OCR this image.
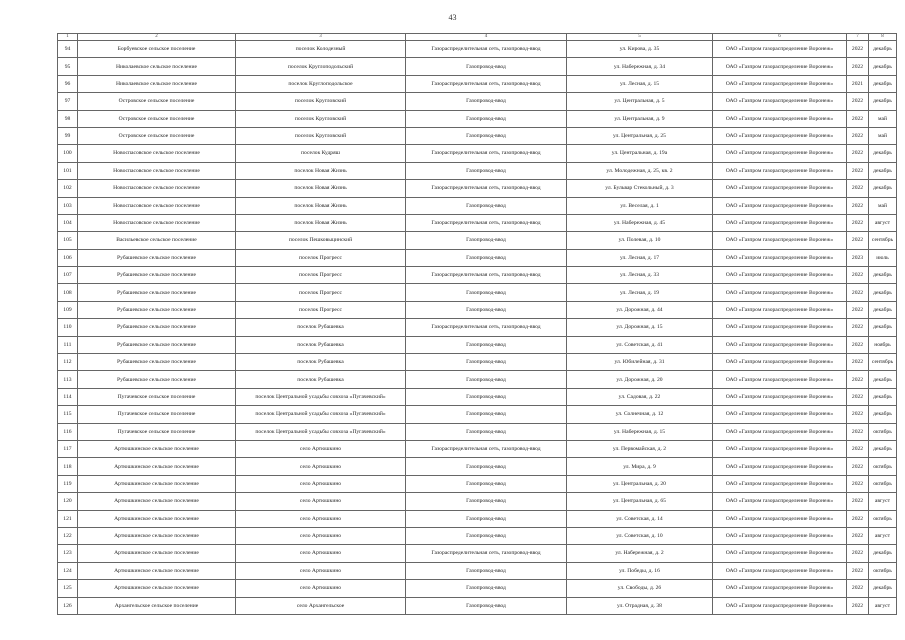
43
1	2	3	4	5	6	7	8
94	Борбуевское сельское поселение	поселок Колодезный	Газораспределительная сеть, газопровод-ввод	ул. Кирова, д. 35	ОАО «Газпром газораспределение Воронеж»	2022	декабрь
95	Николаевское сельское поселение	поселок Круглоподольский	Газопровод-ввод	ул. Набережная, д. 34	ОАО «Газпром газораспределение Воронеж»	2022	декабрь
96	Николаевское сельское поселение	поселок Круглоподольское	Газораспределительная сеть, газопровод-ввод	ул. Лесная, д. 15	ОАО «Газпром газораспределение Воронеж»	2021	декабрь
97	Островское сельское поселение	поселок Кругловский	Газопровод-ввод	ул. Центральная, д. 5	ОАО «Газпром газораспределение Воронеж»	2022	декабрь
98	Островское сельское поселение	поселок Кругловский	Газопровод-ввод	ул. Центральная, д. 9	ОАО «Газпром газораспределение Воронеж»	2022	май
99	Островское сельское поселение	поселок Кругловский	Газопровод-ввод	ул. Центральная, д. 25	ОАО «Газпром газораспределение Воронеж»	2022	май
100	Новоспасовское сельское поселение	поселок Кудряш	Газораспределительная сеть, газопровод-ввод	ул. Центральная, д. 19а	ОАО «Газпром газораспределение Воронеж»	2022	декабрь
101	Новоспасовское сельское поселение	поселок Новая Жизнь	Газопровод-ввод	ул. Молодежная, д. 25, кв. 2	ОАО «Газпром газораспределение Воронеж»	2022	декабрь
102	Новоспасовское сельское поселение	поселок Новая Жизнь	Газораспределительная сеть, газопровод-ввод	ул. Бульвар Стекольный, д. 3	ОАО «Газпром газораспределение Воронеж»	2022	декабрь
103	Новоспасовское сельское поселение	поселок Новая Жизнь	Газопровод-ввод	ул. Веселая, д. 1	ОАО «Газпром газораспределение Воронеж»	2022	май
104	Новоспасовское сельское поселение	поселок Новая Жизнь	Газораспределительная сеть, газопровод-ввод	ул. Набережная, д. 45	ОАО «Газпром газораспределение Воронеж»	2022	август
105	Васильевское сельское поселение	поселок Пешковыцинский	Газопровод-ввод	ул. Полевая, д. 10	ОАО «Газпром газораспределение Воронеж»	2022	сентябрь
106	Рубашевское сельское поселение	поселок Прогресс	Газопровод-ввод	ул. Лесная, д. 17	ОАО «Газпром газораспределение Воронеж»	2023	июль
107	Рубашевское сельское поселение	поселок Прогресс	Газораспределительная сеть, газопровод-ввод	ул. Лесная, д. 33	ОАО «Газпром газораспределение Воронеж»	2022	декабрь
108	Рубашевское сельское поселение	поселок Прогресс	Газопровод-ввод	ул. Лесная, д. 19	ОАО «Газпром газораспределение Воронеж»	2022	декабрь
109	Рубашевское сельское поселение	поселок Прогресс	Газопровод-ввод	ул. Дорожная, д. 44	ОАО «Газпром газораспределение Воронеж»	2022	декабрь
110	Рубашевское сельское поселение	поселок Рубашевка	Газораспределительная сеть, газопровод-ввод	ул. Дорожная, д. 15	ОАО «Газпром газораспределение Воронеж»	2022	декабрь
111	Рубашевское сельское поселение	поселок Рубашевка	Газопровод-ввод	ул. Советская, д. 41	ОАО «Газпром газораспределение Воронеж»	2022	ноябрь
112	Рубашевское сельское поселение	поселок Рубашевка	Газопровод-ввод	ул. Юбилейная, д. 31	ОАО «Газпром газораспределение Воронеж»	2022	сентябрь
113	Рубашевское сельское поселение	поселок Рубашевка	Газопровод-ввод	ул. Дорожная, д. 20	ОАО «Газпром газораспределение Воронеж»	2022	декабрь
114	Пугачевское сельское поселение	поселок Центральной усадьбы совхоза «Пугачевский»	Газопровод-ввод	ул. Садовая, д. 22	ОАО «Газпром газораспределение Воронеж»	2022	декабрь
115	Пугачевское сельское поселение	поселок Центральной усадьбы совхоза «Пугачевский»	Газопровод-ввод	ул. Солнечная, д. 12	ОАО «Газпром газораспределение Воронеж»	2022	декабрь
116	Пугачевское сельское поселение	поселок Центральной усадьбы совхоза «Пугачевский»	Газопровод-ввод	ул. Набережная, д. 15	ОАО «Газпром газораспределение Воронеж»	2022	октябрь
117	Артюшкинское сельское поселение	село Артюшкино	Газораспределительная сеть, газопровод-ввод	ул. Первомайская, д. 2	ОАО «Газпром газораспределение Воронеж»	2022	декабрь
118	Артюшкинское сельское поселение	село Артюшкино	Газопровод-ввод	ул. Мира, д. 9	ОАО «Газпром газораспределение Воронеж»	2022	октябрь
119	Артюшкинское сельское поселение	село Артюшкино	Газопровод-ввод	ул. Центральная, д. 20	ОАО «Газпром газораспределение Воронеж»	2022	октябрь
120	Артюшкинское сельское поселение	село Артюшкино	Газопровод-ввод	ул. Центральная, д. 65	ОАО «Газпром газораспределение Воронеж»	2022	август
121	Артюшкинское сельское поселение	село Артюшкино	Газопровод-ввод	ул. Советская, д. 14	ОАО «Газпром газораспределение Воронеж»	2022	октябрь
122	Артюшкинское сельское поселение	село Артюшкино	Газопровод-ввод	ул. Советская, д. 10	ОАО «Газпром газораспределение Воронеж»	2022	август
123	Артюшкинское сельское поселение	село Артюшкино	Газораспределительная сеть, газопровод-ввод	ул. Набережная, д. 2	ОАО «Газпром газораспределение Воронеж»	2022	декабрь
124	Артюшкинское сельское поселение	село Артюшкино	Газопровод-ввод	ул. Победы, д. 16	ОАО «Газпром газораспределение Воронеж»	2022	октябрь
125	Артюшкинское сельское поселение	село Артюшкино	Газопровод-ввод	ул. Свободы, д. 26	ОАО «Газпром газораспределение Воронеж»	2022	декабрь
126	Архангельское сельское поселение	село Архангельское	Газопровод-ввод	ул. Отрадная, д. 38	ОАО «Газпром газораспределение Воронеж»	2022	август
